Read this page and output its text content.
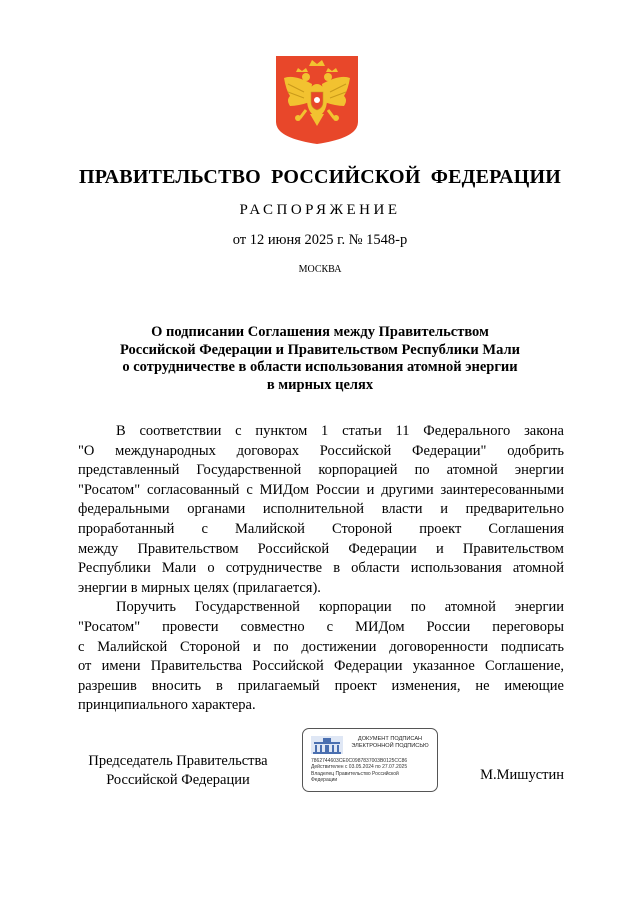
ПРАВИТЕЛЬСТВО РОССИЙСКОЙ ФЕДЕРАЦИИ
РАСПОРЯЖЕНИЕ
от 12 июня 2025 г. № 1548-р
МОСКВА
О подписании Соглашения между Правительством
Российской Федерации и Правительством Республики Мали
о сотрудничестве в области использования атомной энергии
в мирных целях
В соответствии с пунктом 1 статьи 11 Федерального закона
"О международных договорах Российской Федерации" одобрить
представленный Государственной корпорацией по атомной энергии
"Росатом" согласованный с МИДом России и другими заинтересованными
федеральными органами исполнительной власти и предварительно
проработанный с Малийской Стороной проект Соглашения
между Правительством Российской Федерации и Правительством
Республики Мали о сотрудничестве в области использования атомной
энергии в мирных целях (прилагается).
Поручить Государственной корпорации по атомной энергии
"Росатом" провести совместно с МИДом России переговоры
с Малийской Стороной и по достижении договоренности подписать
от имени Правительства Российской Федерации указанное Соглашение,
разрешив вносить в прилагаемый проект изменения, не имеющие
принципиального характера.
Председатель Правительства
Российской Федерации
ДОКУМЕНТ ПОДПИСАН
ЭЛЕКТРОННОЙ ПОДПИСЬЮ
7862744603CE0C0987837003B0125CC86
Действителен с 03.05.2024 по 27.07.2025
Владелец Правительство Российской
Федерации	М.Мишустин
